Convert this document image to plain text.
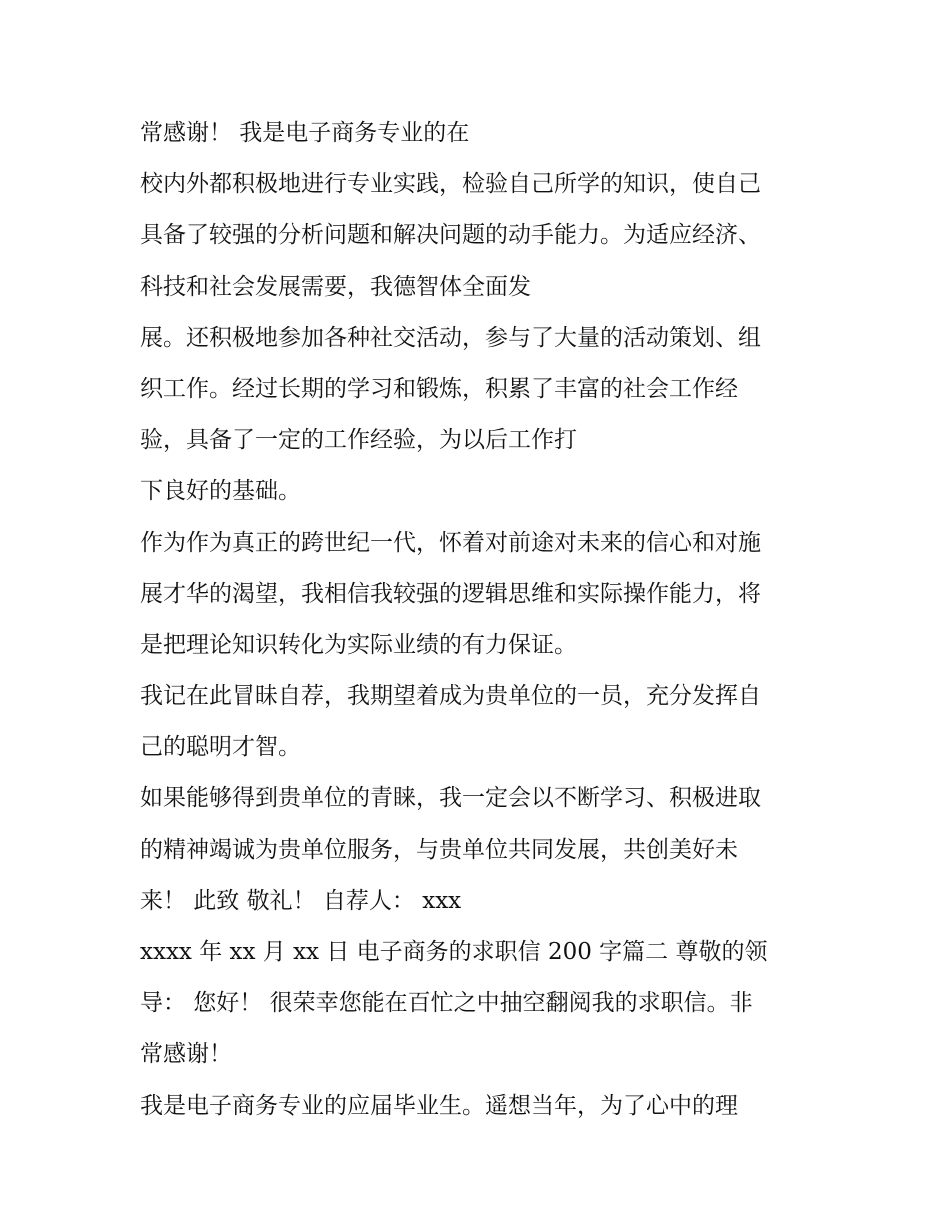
常感谢！ 我是电子商务专业的在
校内外都积极地进行专业实践，检验自己所学的知识，使自己
具备了较强的分析问题和解决问题的动手能力。为适应经济、
科技和社会发展需要，我德智体全面发
展。还积极地参加各种社交活动，参与了大量的活动策划、组
织工作。经过长期的学习和锻炼，积累了丰富的社会工作经
验，具备了一定的工作经验，为以后工作打
下良好的基础。
作为作为真正的跨世纪一代，怀着对前途对未来的信心和对施
展才华的渴望，我相信我较强的逻辑思维和实际操作能力，将
是把理论知识转化为实际业绩的有力保证。
我记在此冒昧自荐，我期望着成为贵单位的一员，充分发挥自
己的聪明才智。
如果能够得到贵单位的青睐，我一定会以不断学习、积极进取
的精神竭诚为贵单位服务，与贵单位共同发展，共创美好未
来！ 此致 敬礼！ 自荐人： xxx
xxxx 年 xx 月 xx 日 电子商务的求职信 200 字篇二 尊敬的领
导： 您好！ 很荣幸您能在百忙之中抽空翻阅我的求职信。非
常感谢！
我是电子商务专业的应届毕业生。遥想当年，为了心中的理
